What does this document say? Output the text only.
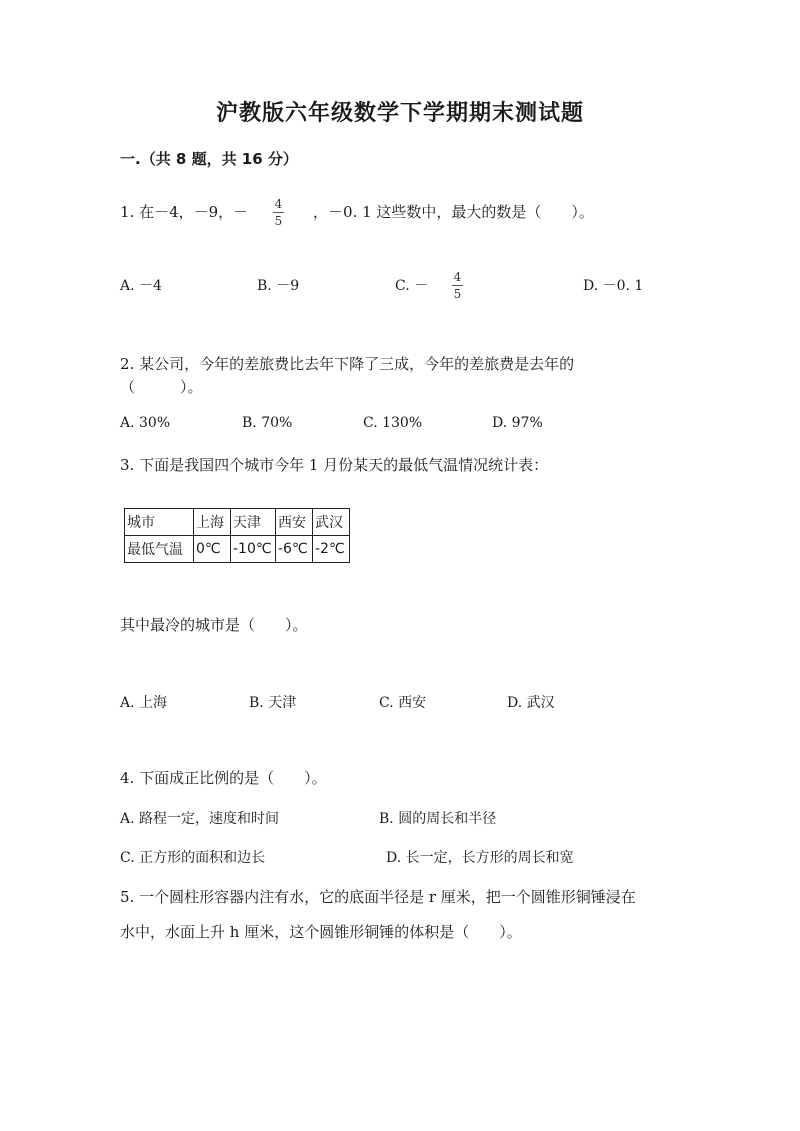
沪教版六年级数学下学期期末测试题
一.（共 8 题，共 16 分）
1. 在－4，－9，－ 4
5 ，－0. 1 这些数中，最大的数是（　　）。
A. －4	B. －9	C. －
4
5	D. －0. 1
2. 某公司，今年的差旅费比去年下降了三成，今年的差旅费是去年的
（　　　）。
A. 30%	B. 70%	C. 130%	D. 97%
3. 下面是我国四个城市今年 1 月份某天的最低气温情况统计表：
城市	上海	天津	西安	武汉
最低气温	0℃	-10℃	-6℃	-2℃
其中最冷的城市是（　　）。
A. 上海	B. 天津	C. 西安	D. 武汉
4. 下面成正比例的是（　　）。
A. 路程一定，速度和时间	B. 圆的周长和半径
C. 正方形的面积和边长	D. 长一定，长方形的周长和宽
5. 一个圆柱形容器内注有水，它的底面半径是 r 厘米，把一个圆锥形铜锤浸在
水中，水面上升 h 厘米，这个圆锥形铜锤的体积是（　　）。
